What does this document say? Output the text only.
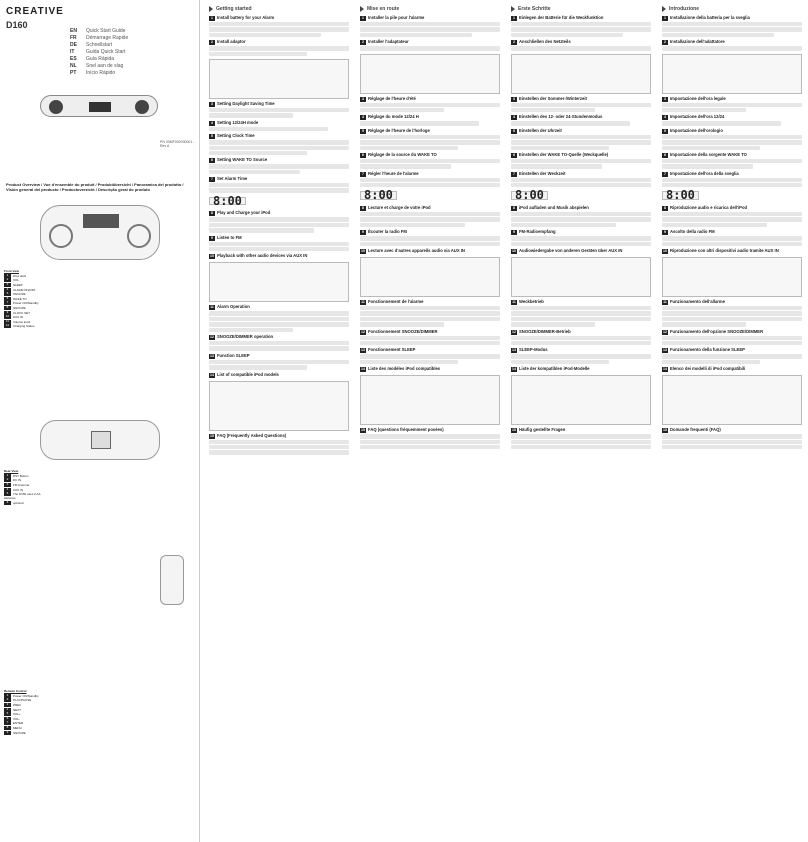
CREATIVE
D160
EN Quick Start Guide
FR Démarrage Rapide
DE Schnellstart
IT Guida Quick Start
ES Guía Rápida
NL Snel aan de slag
PT Início Rápido
PN 03MF002000001 - Rev A
Product Overview / Vue d'ensemble du produit / Produktübersicht / Panoramica del prodotto / Visión general del producto / Productoverzicht / Descrição geral do produto
Front view
1 iPod dock
2 VOL
3 SLEEP
4 ALARM ON/OFF
5 SNOOZE
6 WAKE TO
7 Power ON/Standby
8 SNOOZE
9 CLOCK SET
10 AUX IN
11 Volume knob
12 Charging Status
Rear View
1 DST Button
2 DC IN
3 FM Antenna
4 AUX IN
5 The D160 uses 2 AA batteries
6 optional
Remote Control
1 Power ON/Standby
2 PLAY/PAUSE
3 PREV
4 NEXT
5 VOL+
6 VOL-
7 ENTER
8 MENU
9 SNOOZE
Getting started
1 Install battery for your Alarm
2 Install adaptor
3 Setting Daylight Saving Time
4 Setting 12/24H mode
5 Setting Clock Time
6 Setting WAKE TO Source
7 Set Alarm Time
8:00
8 Play and Charge your iPod
9 Listen to FM
10 Playback with other audio devices via AUX IN
11 Alarm Operation
12 SNOOZE/DIMMER operation
13 Function SLEEP
14 List of compatible iPod models
15 FAQ (Frequently Asked Questions)
Mise en route
1 Installer la pile pour l'alarme
2 Installer l'adaptateur
3 Réglage de l'heure d'été
4 Réglage du mode 12/24 H
5 Réglage de l'heure de l'horloge
6 Réglage de la source du WAKE TO
7 Régler l'heure de l'alarme
8:00
8 Lecture et charge de votre iPod
9 Écouter la radio FM
10 Lecture avec d'autres appareils audio via AUX IN
11 Fonctionnement de l'alarme
12 Fonctionnement SNOOZE/DIMMER
13 Fonctionnement SLEEP
14 Liste des modèles iPod compatibles
15 FAQ (questions fréquemment posées)
Erste Schritte
1 Einlegen der Batterie für die Weckfunktion
2 Anschließen des Netzteils
3 Einstellen der Sommer-/Winterzeit
4 Einstellen des 12- oder 24-Stundenmodus
5 Einstellen der Uhrzeit
6 Einstellen der WAKE TO-Quelle (Weckquelle)
7 Einstellen der Weckzeit
8:00
8 iPod aufladen und Musik abspielen
9 FM-Radioempfang
10 Audiowiedergabe von anderen Geräten über AUX IN
11 Weckbetrieb
12 SNOOZE/DIMMER-Betrieb
13 SLEEP-Modus
14 Liste der kompatiblen iPod-Modelle
15 Häufig gestellte Fragen
Introduzione
1 Installazione della batteria per la sveglia
2 Installazione dell'adattatore
3 Impostazione dell'ora legale
4 Impostazione dell'ora 12/24
5 Impostazione dell'orologio
6 Impostazione della sorgente WAKE TO
7 Impostazione dell'ora della sveglia
8:00
8 Riproduzione audio e ricarica dell'iPod
9 Ascolto della radio FM
10 Riproduzione con altri dispositivi audio tramite AUX IN
11 Funzionamento dell'allarme
12 Funzionamento dell'opzione SNOOZE/DIMMER
13 Funzionamento della funzione SLEEP
14 Elenco dei modelli di iPod compatibili
15 Domande frequenti (FAQ)
